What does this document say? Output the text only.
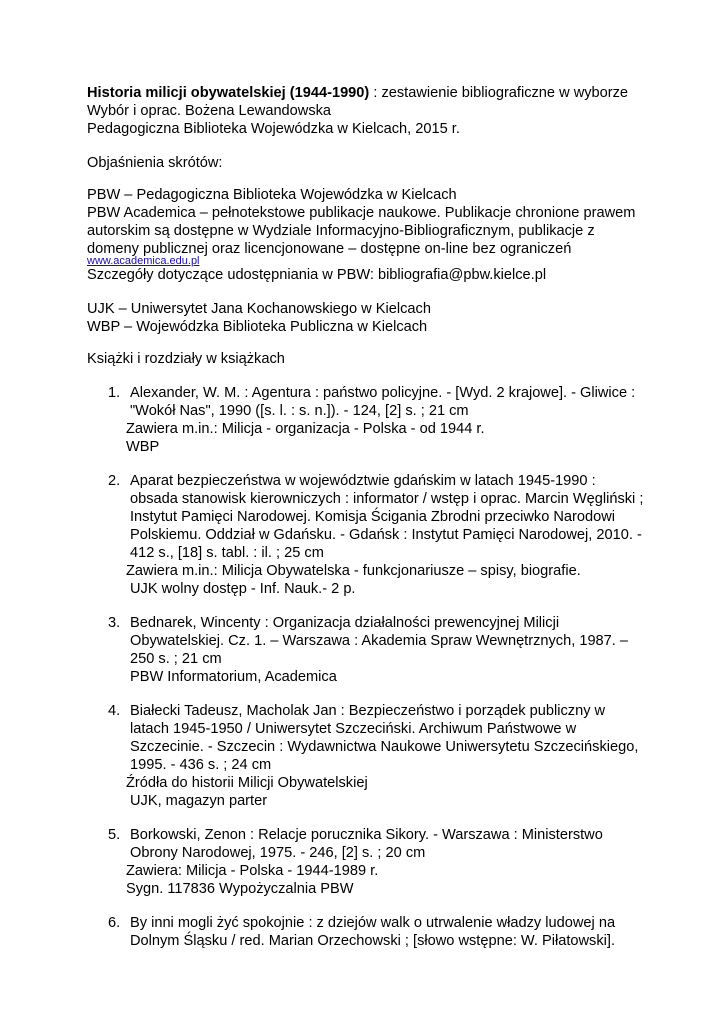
Historia milicji obywatelskiej (1944-1990) : zestawienie bibliograficzne w wyborze
Wybór i oprac. Bożena Lewandowska
Pedagogiczna Biblioteka Wojewódzka w Kielcach, 2015 r.
Objaśnienia skrótów:
PBW – Pedagogiczna Biblioteka Wojewódzka w Kielcach
PBW Academica – pełnotekstowe publikacje naukowe. Publikacje chronione prawem
autorskim są dostępne w Wydziale Informacyjno-Bibliograficznym, publikacje z
domeny publicznej oraz licencjonowane – dostępne on-line bez ograniczeń
www.academica.edu.pl
Szczegóły dotyczące udostępniania w PBW: bibliografia@pbw.kielce.pl
UJK – Uniwersytet Jana Kochanowskiego w Kielcach
WBP – Wojewódzka Biblioteka Publiczna w Kielcach
Książki i rozdziały w książkach
1. Alexander, W. M. : Agentura : państwo policyjne. - [Wyd. 2 krajowe]. - Gliwice :
"Wokół Nas", 1990 ([s. l. : s. n.]). - 124, [2] s. ; 21 cm
Zawiera m.in.: Milicja - organizacja - Polska - od 1944 r.
WBP
2. Aparat bezpieczeństwa w województwie gdańskim w latach 1945-1990 :
obsada stanowisk kierowniczych : informator / wstęp i oprac. Marcin Węgliński ;
Instytut Pamięci Narodowej. Komisja Ścigania Zbrodni przeciwko Narodowi
Polskiemu. Oddział w Gdańsku. - Gdańsk : Instytut Pamięci Narodowej, 2010. -
412 s., [18] s. tabl. : il. ; 25 cm
Zawiera m.in.: Milicja Obywatelska - funkcjonariusze – spisy, biografie.
UJK wolny dostęp - Inf. Nauk.- 2 p.
3. Bednarek, Wincenty : Organizacja działalności prewencyjnej Milicji
Obywatelskiej. Cz. 1. – Warszawa : Akademia Spraw Wewnętrznych, 1987. –
250 s. ; 21 cm
PBW Informatorium, Academica
4. Białecki Tadeusz, Macholak Jan : Bezpieczeństwo i porządek publiczny w
latach 1945-1950 / Uniwersytet Szczeciński. Archiwum Państwowe w
Szczecinie. - Szczecin : Wydawnictwa Naukowe Uniwersytetu Szczecińskiego,
1995. - 436 s. ; 24 cm
Źródła do historii Milicji Obywatelskiej
UJK, magazyn parter
5. Borkowski, Zenon : Relacje porucznika Sikory. - Warszawa : Ministerstwo
Obrony Narodowej, 1975. - 246, [2] s. ; 20 cm
Zawiera: Milicja - Polska - 1944-1989 r.
Sygn. 117836 Wypożyczalnia PBW
6. By inni mogli żyć spokojnie : z dziejów walk o utrwalenie władzy ludowej na
Dolnym Śląsku / red. Marian Orzechowski ; [słowo wstępne: W. Piłatowski].
